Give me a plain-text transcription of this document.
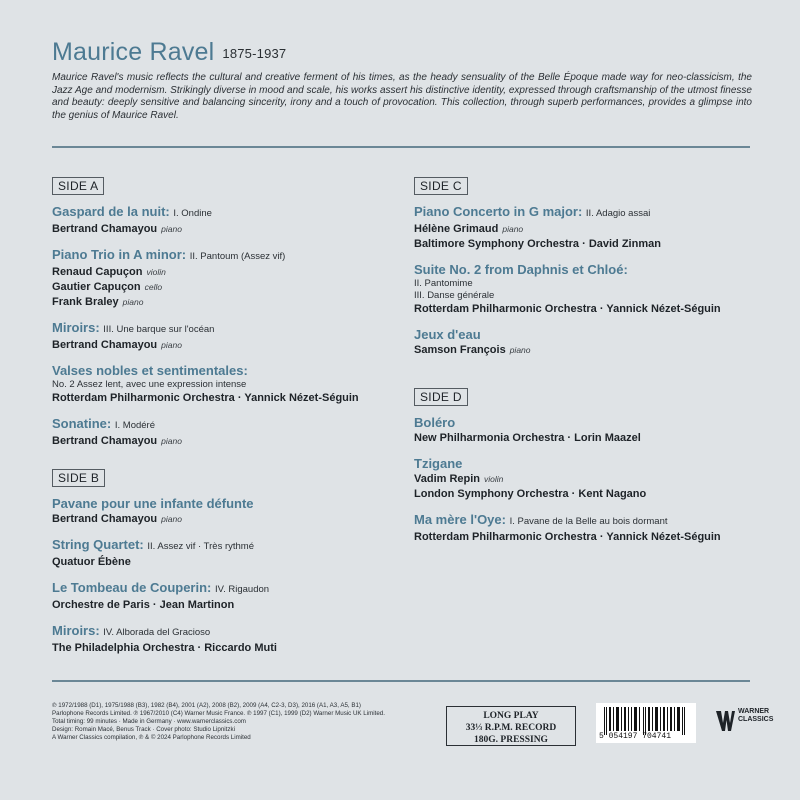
Maurice Ravel 1875-1937
Maurice Ravel's music reflects the cultural and creative ferment of his times, as the heady sensuality of the Belle Époque made way for neo-classicism, the Jazz Age and modernism. Strikingly diverse in mood and scale, his works assert his distinctive identity, expressed through craftsmanship of the utmost finesse and beauty: deeply sensitive and balancing sincerity, irony and a touch of provocation. This collection, through superb performances, provides a glimpse into the genius of Maurice Ravel.
SIDE A
Gaspard de la nuit: I. Ondine
Bertrand Chamayou piano
Piano Trio in A minor: II. Pantoum (Assez vif)
Renaud Capuçon violin
Gautier Capuçon cello
Frank Braley piano
Miroirs: III. Une barque sur l'océan
Bertrand Chamayou piano
Valses nobles et sentimentales:
No. 2 Assez lent, avec une expression intense
Rotterdam Philharmonic Orchestra · Yannick Nézet-Séguin
Sonatine: I. Modéré
Bertrand Chamayou piano
SIDE B
Pavane pour une infante défunte
Bertrand Chamayou piano
String Quartet: II. Assez vif · Très rythmé
Quatuor Ébène
Le Tombeau de Couperin: IV. Rigaudon
Orchestre de Paris · Jean Martinon
Miroirs: IV. Alborada del Gracioso
The Philadelphia Orchestra · Riccardo Muti
SIDE C
Piano Concerto in G major: II. Adagio assai
Hélène Grimaud piano
Baltimore Symphony Orchestra · David Zinman
Suite No. 2 from Daphnis et Chloé:
II. Pantomime
III. Danse générale
Rotterdam Philharmonic Orchestra · Yannick Nézet-Séguin
Jeux d'eau
Samson François piano
SIDE D
Boléro
New Philharmonia Orchestra · Lorin Maazel
Tzigane
Vadim Repin violin
London Symphony Orchestra · Kent Nagano
Ma mère l'Oye: I. Pavane de la Belle au bois dormant
Rotterdam Philharmonic Orchestra · Yannick Nézet-Séguin
℗ 1972/1988 (D1), 1975/1988 (B3), 1982 (B4), 2001 (A2), 2008 (B2), 2009 (A4, C2-3, D3), 2016 (A1, A3, A5, B1)
Parlophone Records Limited. ℗ 1967/2010 (C4) Warner Music France. ℗ 1997 (C1), 1999 (D2) Warner Music UK Limited.
Total timing: 99 minutes · Made in Germany · www.warnerclassics.com
Design: Romain Macé, Benus Track · Cover photo: Studio Lipnitzki
A Warner Classics compilation, ℗ & © 2024 Parlophone Records Limited
LONG PLAY
33⅓ R.P.M. RECORD
180G. PRESSING	5 054197 704741
WARNER
CLASSICS
